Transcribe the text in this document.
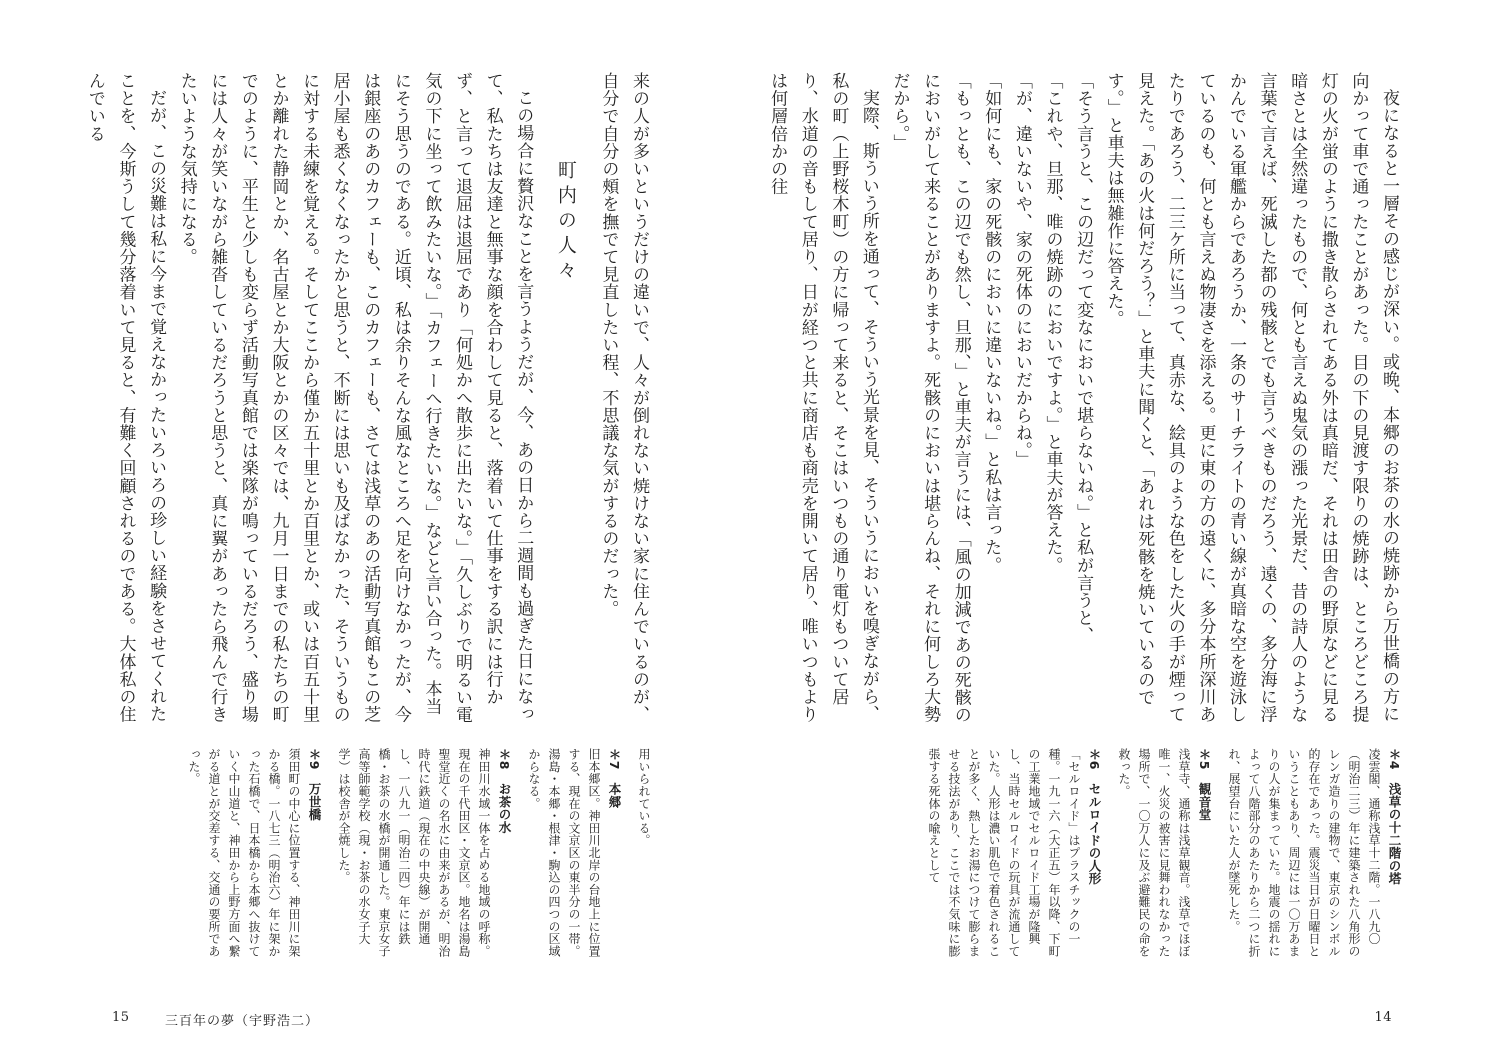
来の人が多いというだけの違いで、人々が倒れない焼けない家に住んでいるのが、自分で自分の頰を撫でて見直したい程、不思議な気がするのだった。

町内の人々

この場合に贅沢なことを言うようだが、今、あの日から二週間も過ぎた日になって、私たちは友達と無事な顔を合わして見ると、落着いて仕事をする訳には行かず、と言って退屈は退屈であり「何処かへ散歩に出たいな。」「久しぶりで明るい電気の下に坐って飲みたいな。」「カフェーへ行きたいな。」などと言い合った。本当にそう思うのである。近頃、私は余りそんな風なところへ足を向けなかったが、今は銀座のあのカフェーも、このカフェーも、さては浅草のあの活動写真館もこの芝居小屋も悉くなくなったかと思うと、不断には思いも及ばなかった、そういうものに対する未練を覚える。そしてここから僅か五十里とか百里とか、或いは百五十里とか離れた静岡とか、名古屋とか大阪とかの区々では、九月一日までの私たちの町でのように、平生と少しも変らず活動写真館では楽隊が鳴っているだろう、盛り場には人々が笑いながら雑沓しているだろうと思うと、真に翼があったら飛んで行きたいような気持になる。

だが、この災難は私に今まで覚えなかったいろいろの珍しい経験をさせてくれたことを、今斯うして幾分落着いて見ると、有難く回顧されるのである。大体私の住んでいる

用いられている。

＊7　本郷

旧本郷区。神田川北岸の台地上に位置する、現在の文京区の東半分の一帯。湯島・本郷・根津・駒込の四つの区域からなる。

＊8　お茶の水

神田川水域一体を占める地域の呼称。現在の千代田区・文京区。地名は湯島聖堂近くの名水に由来があるが、明治時代に鉄道（現在の中央線）が開通し、一八九一（明治二四）年には鉄橋・お茶の水橋が開通した。東京女子高等師範学校（現・お茶の水女子大学）は校舎が全焼した。

＊9　万世橋

須田町の中心に位置する、神田川に架かる橋。一八七三（明治六）年に架かった石橋で、日本橋から本郷へ抜けていく中山道と、神田から上野方面へ繋がる道とが交差する、交通の要所であった。

15	三百年の夢（宇野浩二）

夜になると一層その感じが深い。或晩、本郷のお茶の水の焼跡から万世橋の方に向かって車で通ったことがあった。目の下の見渡す限りの焼跡は、ところどころ提灯の火が蛍のように撒き散らされてある外は真暗だ、それは田舎の野原などに見る暗さとは全然違ったもので、何とも言えぬ鬼気の漲った光景だ、昔の詩人のような言葉で言えば、死滅した都の残骸とでも言うべきものだろう、遠くの、多分海に浮かんでいる軍艦からであろうか、一条のサーチライトの青い線が真暗な空を遊泳しているのも、何とも言えぬ物凄さを添える。更に東の方の遠くに、多分本所深川あたりであろう、二三ケ所に当って、真赤な、絵具のような色をした火の手が煙って見えた。「あの火は何だろう？」と車夫に聞くと、「あれは死骸を焼いているのです。」と車夫は無雑作に答えた。

「そう言うと、この辺だって変なにおいで堪らないね。」と私が言うと、

「これや、旦那、唯の焼跡のにおいですよ。」と車夫が答えた。

「が、違いないや、家の死体のにおいだからね。」

「如何にも、家の死骸のにおいに違いないね。」と私は言った。

「もっとも、この辺でも然し、旦那、」と車夫が言うには、「風の加減であの死骸のにおいがして来ることがありますよ。死骸のにおいは堪らんね、それに何しろ大勢だから。」

実際、斯ういう所を通って、そういう光景を見、そういうにおいを嗅ぎながら、私の町（上野桜木町）の方に帰って来ると、そこはいつもの通り電灯もついて居り、水道の音もして居り、日が経つと共に商店も商売を開いて居り、唯いつもよりは何層倍かの往

＊4　浅草の十二階の塔

凌雲閣、通称浅草十二階。一八九〇（明治二三）年に建築された八角形のレンガ造りの建物で、東京のシンボル的存在であった。震災当日が日曜日ということもあり、周辺には一〇万あまりの人が集まっていた。地震の揺れによって八階部分のあたりから二つに折れ、展望台にいた人が墜死した。

＊5　観音堂

浅草寺、通称は浅草観音。浅草でほぼ唯一、火災の被害に見舞われなかった場所で、一〇万人に及ぶ避難民の命を救った。

＊6　セルロイドの人形

「セルロイド」はプラスチックの一種。一九一六（大正五）年以降、下町の工業地域でセルロイド工場が隆興し、当時セルロイドの玩具が流通していた。人形は濃い肌色で着色されることが多く、熱したお湯につけて膨らませる技法があり、ここでは不気味に膨張する死体の喩えとして

14
